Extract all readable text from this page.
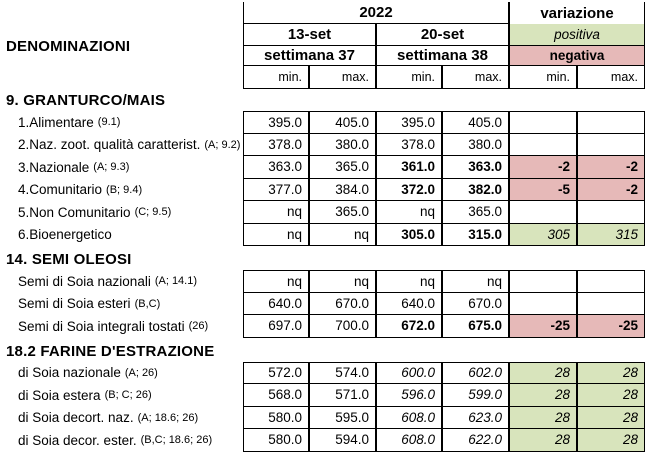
DENOMINAZIONI
2022	variazione
13-set	20-set	positiva
settimana 37	settimana 38	negativa
min.	max.	min.	max.	min.	max.
9. GRANTURCO/MAIS
1.Alimentare (9.1)	395.0	405.0	395.0	405.0
2.Naz. zoot. qualità caratterist. (A; 9.2)	378.0	380.0	378.0	380.0
3.Nazionale (A; 9.3)	363.0	365.0	361.0	363.0	-2	-2
4.Comunitario (B; 9.4)	377.0	384.0	372.0	382.0	-5	-2
5.Non Comunitario (C; 9.5)	nq	365.0	nq	365.0
6.Bioenergetico	nq	nq	305.0	315.0	305	315
14. SEMI OLEOSI
Semi di Soia nazionali (A; 14.1)	nq	nq	nq	nq
Semi di Soia esteri (B,C)	640.0	670.0	640.0	670.0
Semi di Soia integrali tostati (26)	697.0	700.0	672.0	675.0	-25	-25
18.2 FARINE D'ESTRAZIONE
di Soia nazionale (A; 26)	572.0	574.0	600.0	602.0	28	28
di Soia estera (B; C; 26)	568.0	571.0	596.0	599.0	28	28
di Soia decort. naz. (A; 18.6; 26)	580.0	595.0	608.0	623.0	28	28
di Soia decor. ester. (B,C; 18.6; 26)	580.0	594.0	608.0	622.0	28	28
